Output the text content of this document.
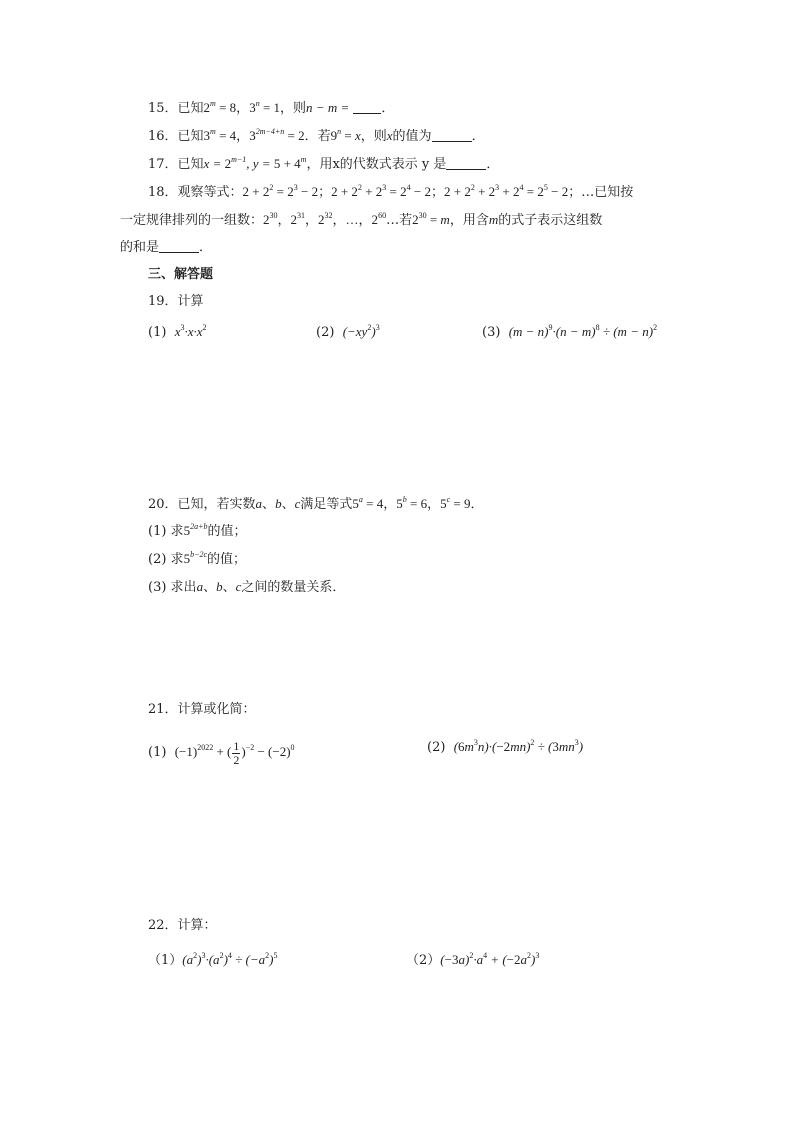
15．已知$2^m = 8$，$3^n = 1$，则n − m = ．
16．已知$3^m = 4$，$3^{2m-4+n} = 2$．若$9^n = x$，则x的值为	．
17．已知$x = 2^{m-1}$, $y = 5 + 4^m$，用x的代数式表示 y 是	．
18．观察等式：$2 + 2^2 = 2^3 - 2$；$2 + 2^2 + 2^3 = 2^4 - 2$；$2 + 2^2 + 2^3 + 2^4 = 2^5 - 2$；…已知按
一定规律排列的一组数：$2^{30}$，$2^{31}$，$2^{32}$，…，$2^{60}\dots$若$2^{30} = m$，用含m的式子表示这组数
的和是	．
三、解答题
19．计算
(1) $x^3\cdot x\cdot x^2$	(2) $(-xy^2)^3$	(3) $(m - n)^9\cdot(n - m)^8 \div (m - n)^2$
20．已知，若实数a、b、c满足等式$5^a = 4$，$5^b = 6$，$5^c = 9$．
(1) 求$5^{2a+b}$的值；
(2) 求$5^{b-2c}$的值；
(3) 求出a、b、c之间的数量关系．
21．计算或化简：
(1) $(-1)^{2022}$ + ( $\frac{1}{2} )^{-2} - (-2)^0$	(2) $(6m^3n)\cdot(-2mn)^2 \div (3mn^3)$
22．计算：
$(1)(a^2)^3\cdot(a^2)^4 \div (-a^2)^5$	$(2)(-3a)^2\cdot a^4 + (-2a^2)^3$
